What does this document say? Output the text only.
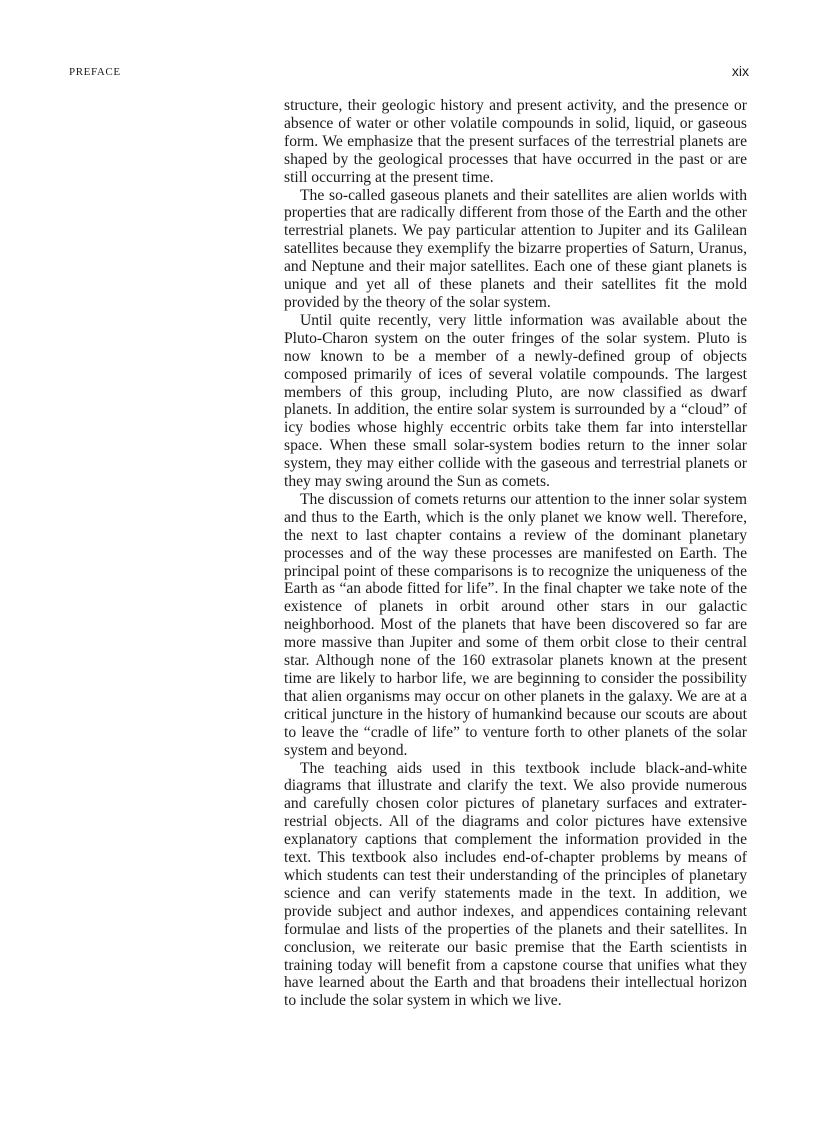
PREFACE	xix

structure, their geologic history and present activity, and the presence or absence of water or other volatile compounds in solid, liquid, or gaseous form. We emphasize that the present surfaces of the terrestrial planets are shaped by the geological processes that have occurred in the past or are still occurring at the present time.

The so-called gaseous planets and their satellites are alien worlds with properties that are radically different from those of the Earth and the other terrestrial planets. We pay particular attention to Jupiter and its Galilean satellites because they exemplify the bizarre properties of Saturn, Uranus, and Neptune and their major satellites. Each one of these giant planets is unique and yet all of these planets and their satellites fit the mold provided by the theory of the solar system.

Until quite recently, very little information was available about the Pluto-Charon system on the outer fringes of the solar system. Pluto is now known to be a member of a newly-defined group of objects composed primarily of ices of several volatile compounds. The largest members of this group, including Pluto, are now classified as dwarf planets. In addition, the entire solar system is surrounded by a “cloud” of icy bodies whose highly eccentric orbits take them far into interstellar space. When these small solar-system bodies return to the inner solar system, they may either collide with the gaseous and terrestrial planets or they may swing around the Sun as comets.

The discussion of comets returns our attention to the inner solar system and thus to the Earth, which is the only planet we know well. Therefore, the next to last chapter contains a review of the dominant planetary processes and of the way these processes are manifested on Earth. The principal point of these comparisons is to recognize the uniqueness of the Earth as “an abode fitted for life”. In the final chapter we take note of the existence of planets in orbit around other stars in our galactic neighborhood. Most of the planets that have been discovered so far are more massive than Jupiter and some of them orbit close to their central star. Although none of the 160 extrasolar planets known at the present time are likely to harbor life, we are beginning to consider the possibility that alien organisms may occur on other planets in the galaxy. We are at a critical juncture in the history of humankind because our scouts are about to leave the “cradle of life” to venture forth to other planets of the solar system and beyond.

The teaching aids used in this textbook include black-and-white diagrams that illustrate and clarify the text. We also provide numerous and carefully chosen color pictures of planetary surfaces and extraterrestrial objects. All of the diagrams and color pictures have extensive explanatory captions that complement the information provided in the text. This textbook also includes end-of-chapter problems by means of which students can test their understanding of the principles of planetary science and can verify statements made in the text. In addition, we provide subject and author indexes, and appendices containing relevant formulae and lists of the properties of the planets and their satellites. In conclusion, we reiterate our basic premise that the Earth scientists in training today will benefit from a capstone course that unifies what they have learned about the Earth and that broadens their intellectual horizon to include the solar system in which we live.
